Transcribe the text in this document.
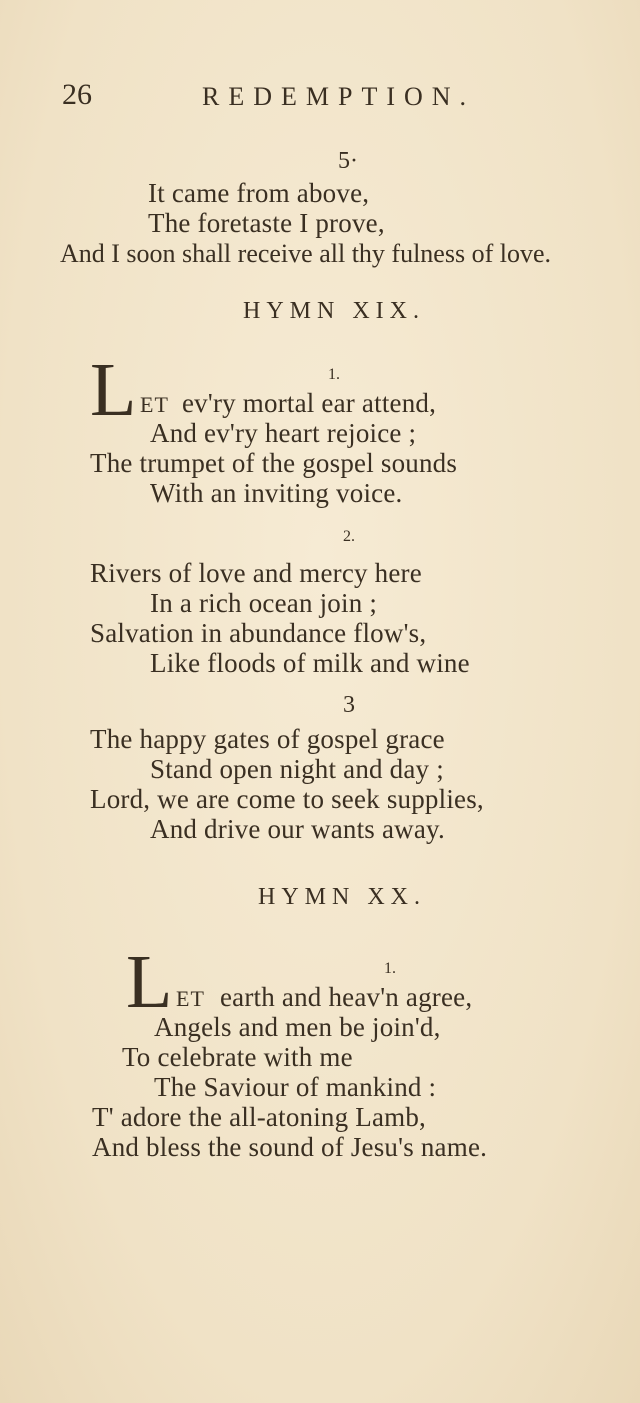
26	REDEMPTION.
5·
It came from above,
The foretaste I prove,
And I soon shall receive all thy fulness of love.
HYMN XIX.
1.
L ET ev'ry mortal ear attend,
And ev'ry heart rejoice ;
The trumpet of the gospel sounds
With an inviting voice.
2.
Rivers of love and mercy here
In a rich ocean join ;
Salvation in abundance flow's,
Like floods of milk and wine
3
The happy gates of gospel grace
Stand open night and day ;
Lord, we are come to seek supplies,
And drive our wants away.
HYMN XX.
1.
L ET earth and heav'n agree,
Angels and men be join'd,
To celebrate with me
The Saviour of mankind :
T' adore the all-atoning Lamb,
And bless the sound of Jesu's name.
